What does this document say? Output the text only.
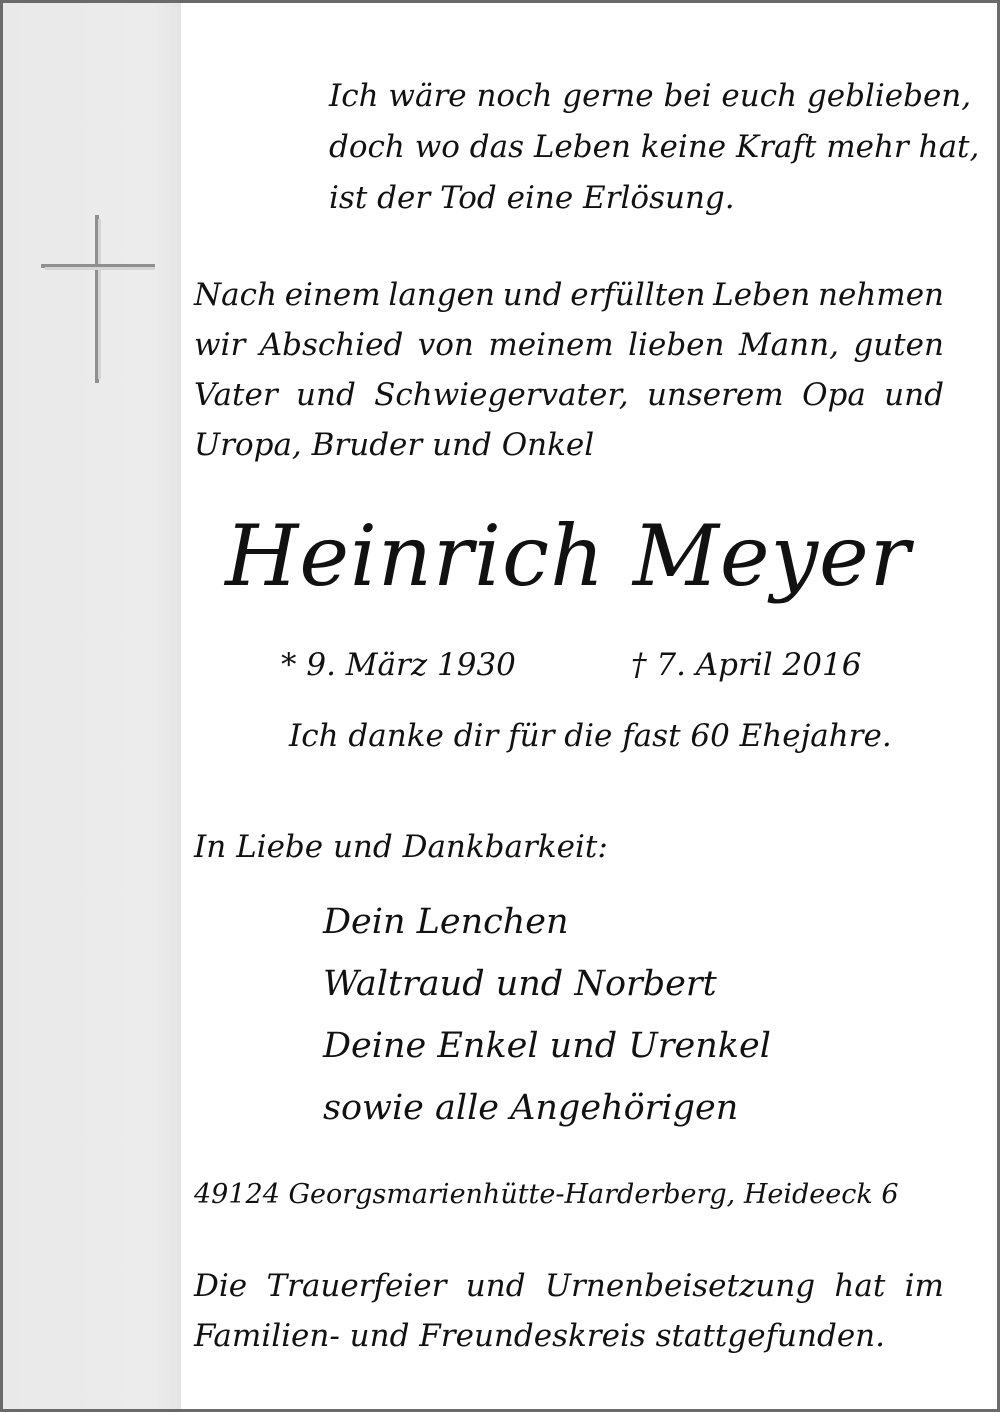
Ich wäre noch gerne bei euch geblieben,
doch wo das Leben keine Kraft mehr hat,
ist der Tod eine Erlösung.
Nach einem langen und erfüllten Leben nehmen
wir Abschied von meinem lieben Mann, guten
Vater und Schwiegervater, unserem Opa und
Uropa, Bruder und Onkel
Heinrich Meyer
* 9. März 1930	† 7. April 2016
Ich danke dir für die fast 60 Ehejahre.
In Liebe und Dankbarkeit:
Dein Lenchen
Waltraud und Norbert
Deine Enkel und Urenkel
sowie alle Angehörigen
49124 Georgsmarienhütte-Harderberg, Heideeck 6
Die Trauerfeier und Urnenbeisetzung hat im
Familien- und Freundeskreis stattgefunden.
